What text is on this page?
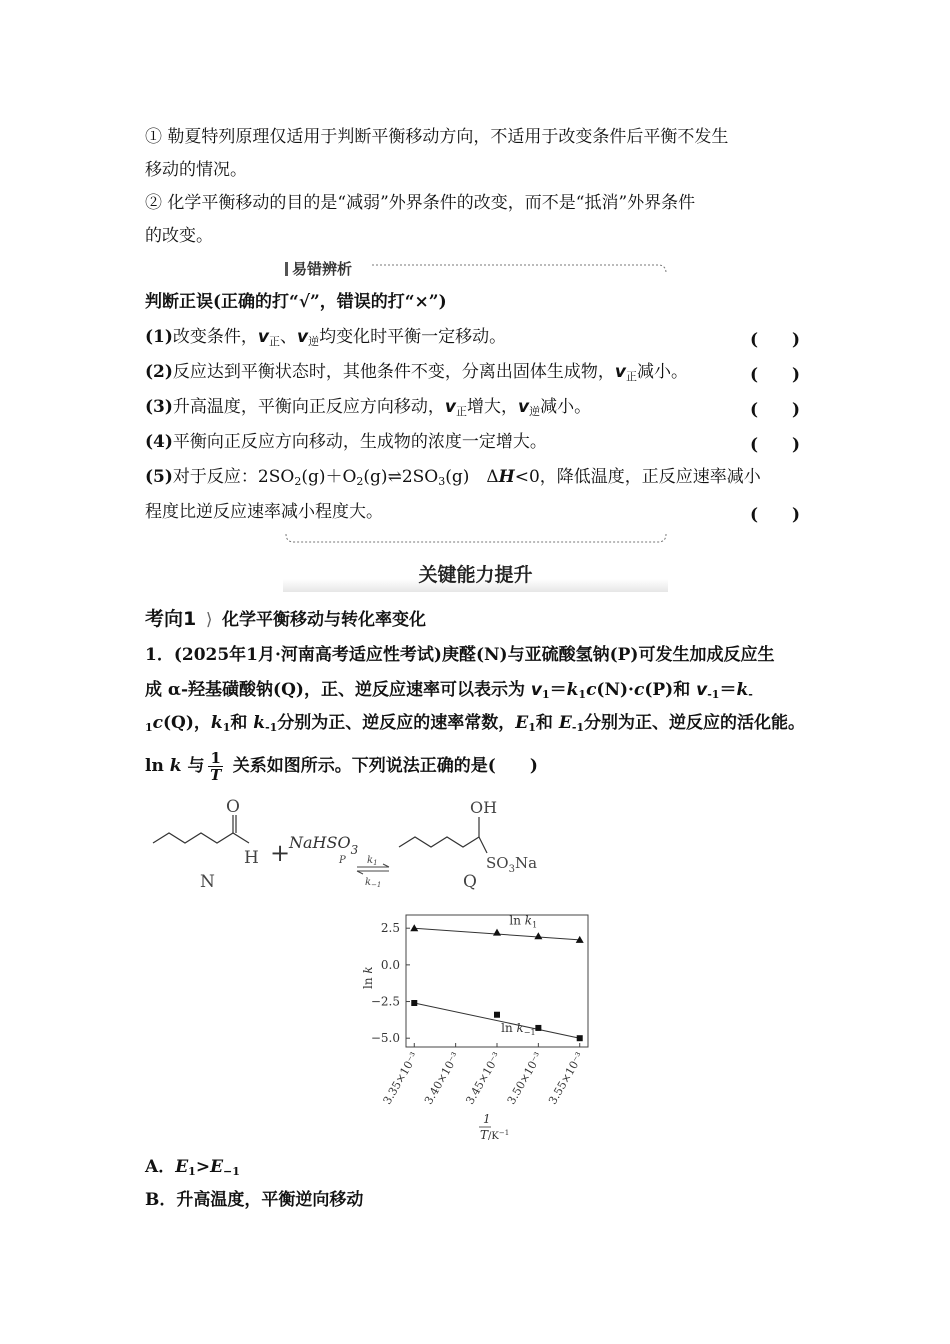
① 勒夏特列原理仅适用于判断平衡移动方向，不适用于改变条件后平衡不发生
移动的情况。
② 化学平衡移动的目的是“减弱”外界条件的改变，而不是“抵消”外界条件
的改变。
易错辨析
判断正误(正确的打“√”，错误的打“×”)
(1)改变条件，$v_正$、$v_逆$均变化时平衡一定移动。	(　　)
(2)反应达到平衡状态时，其他条件不变，分离出固体生成物，$v_正$减小。	(　　)
(3)升高温度，平衡向正反应方向移动，$v_正$增大，$v_逆$减小。	(　　)
(4)平衡向正反应方向移动，生成物的浓度一定增大。	(　　)
(5)对于反应：$2SO_2(g)+O_2(g)\rightleftharpoons 2SO_3(g)$　ΔH<0，降低温度，正反应速率减小
程度比逆反应速率减小程度大。	(　　)
关键能力提升
考向1 ⟩ 化学平衡移动与转化率变化
1．(2025年1月·河南高考适应性考试)庚醛(N)与亚硫酸氢钠(P)可发生加成反应生
成 α-羟基磺酸钠(Q)，正、逆反应速率可以表示为 $v_1=k_1c(N)\cdot c(P)$和 $v_{-1}=k_-$
$_1$c(Q)，$k_1$和 $k_{-1}$分别为正、逆反应的速率常数，$E_1$和 $E_{-1}$分别为正、逆反应的活化能。
ln k 与 $\frac{1}{T}$ 关系如图所示。下列说法正确的是(　　)
O
H
N
+
NaHSO$_3$
P $k_1$
$k_{-1}$
OH
$SO_3Na$
Q
2.5
0.0
−2.5
−5.0
3.35×10⁻³ 3.40×10⁻³ 3.45×10⁻³ 3.50×10⁻³ 3.55×10⁻³
$\ln k_1$
$\ln k_{-1}$
ln k
1
$T/K^{-1}$
A．$E_1>E_{-1}$
B．升高温度，平衡逆向移动
